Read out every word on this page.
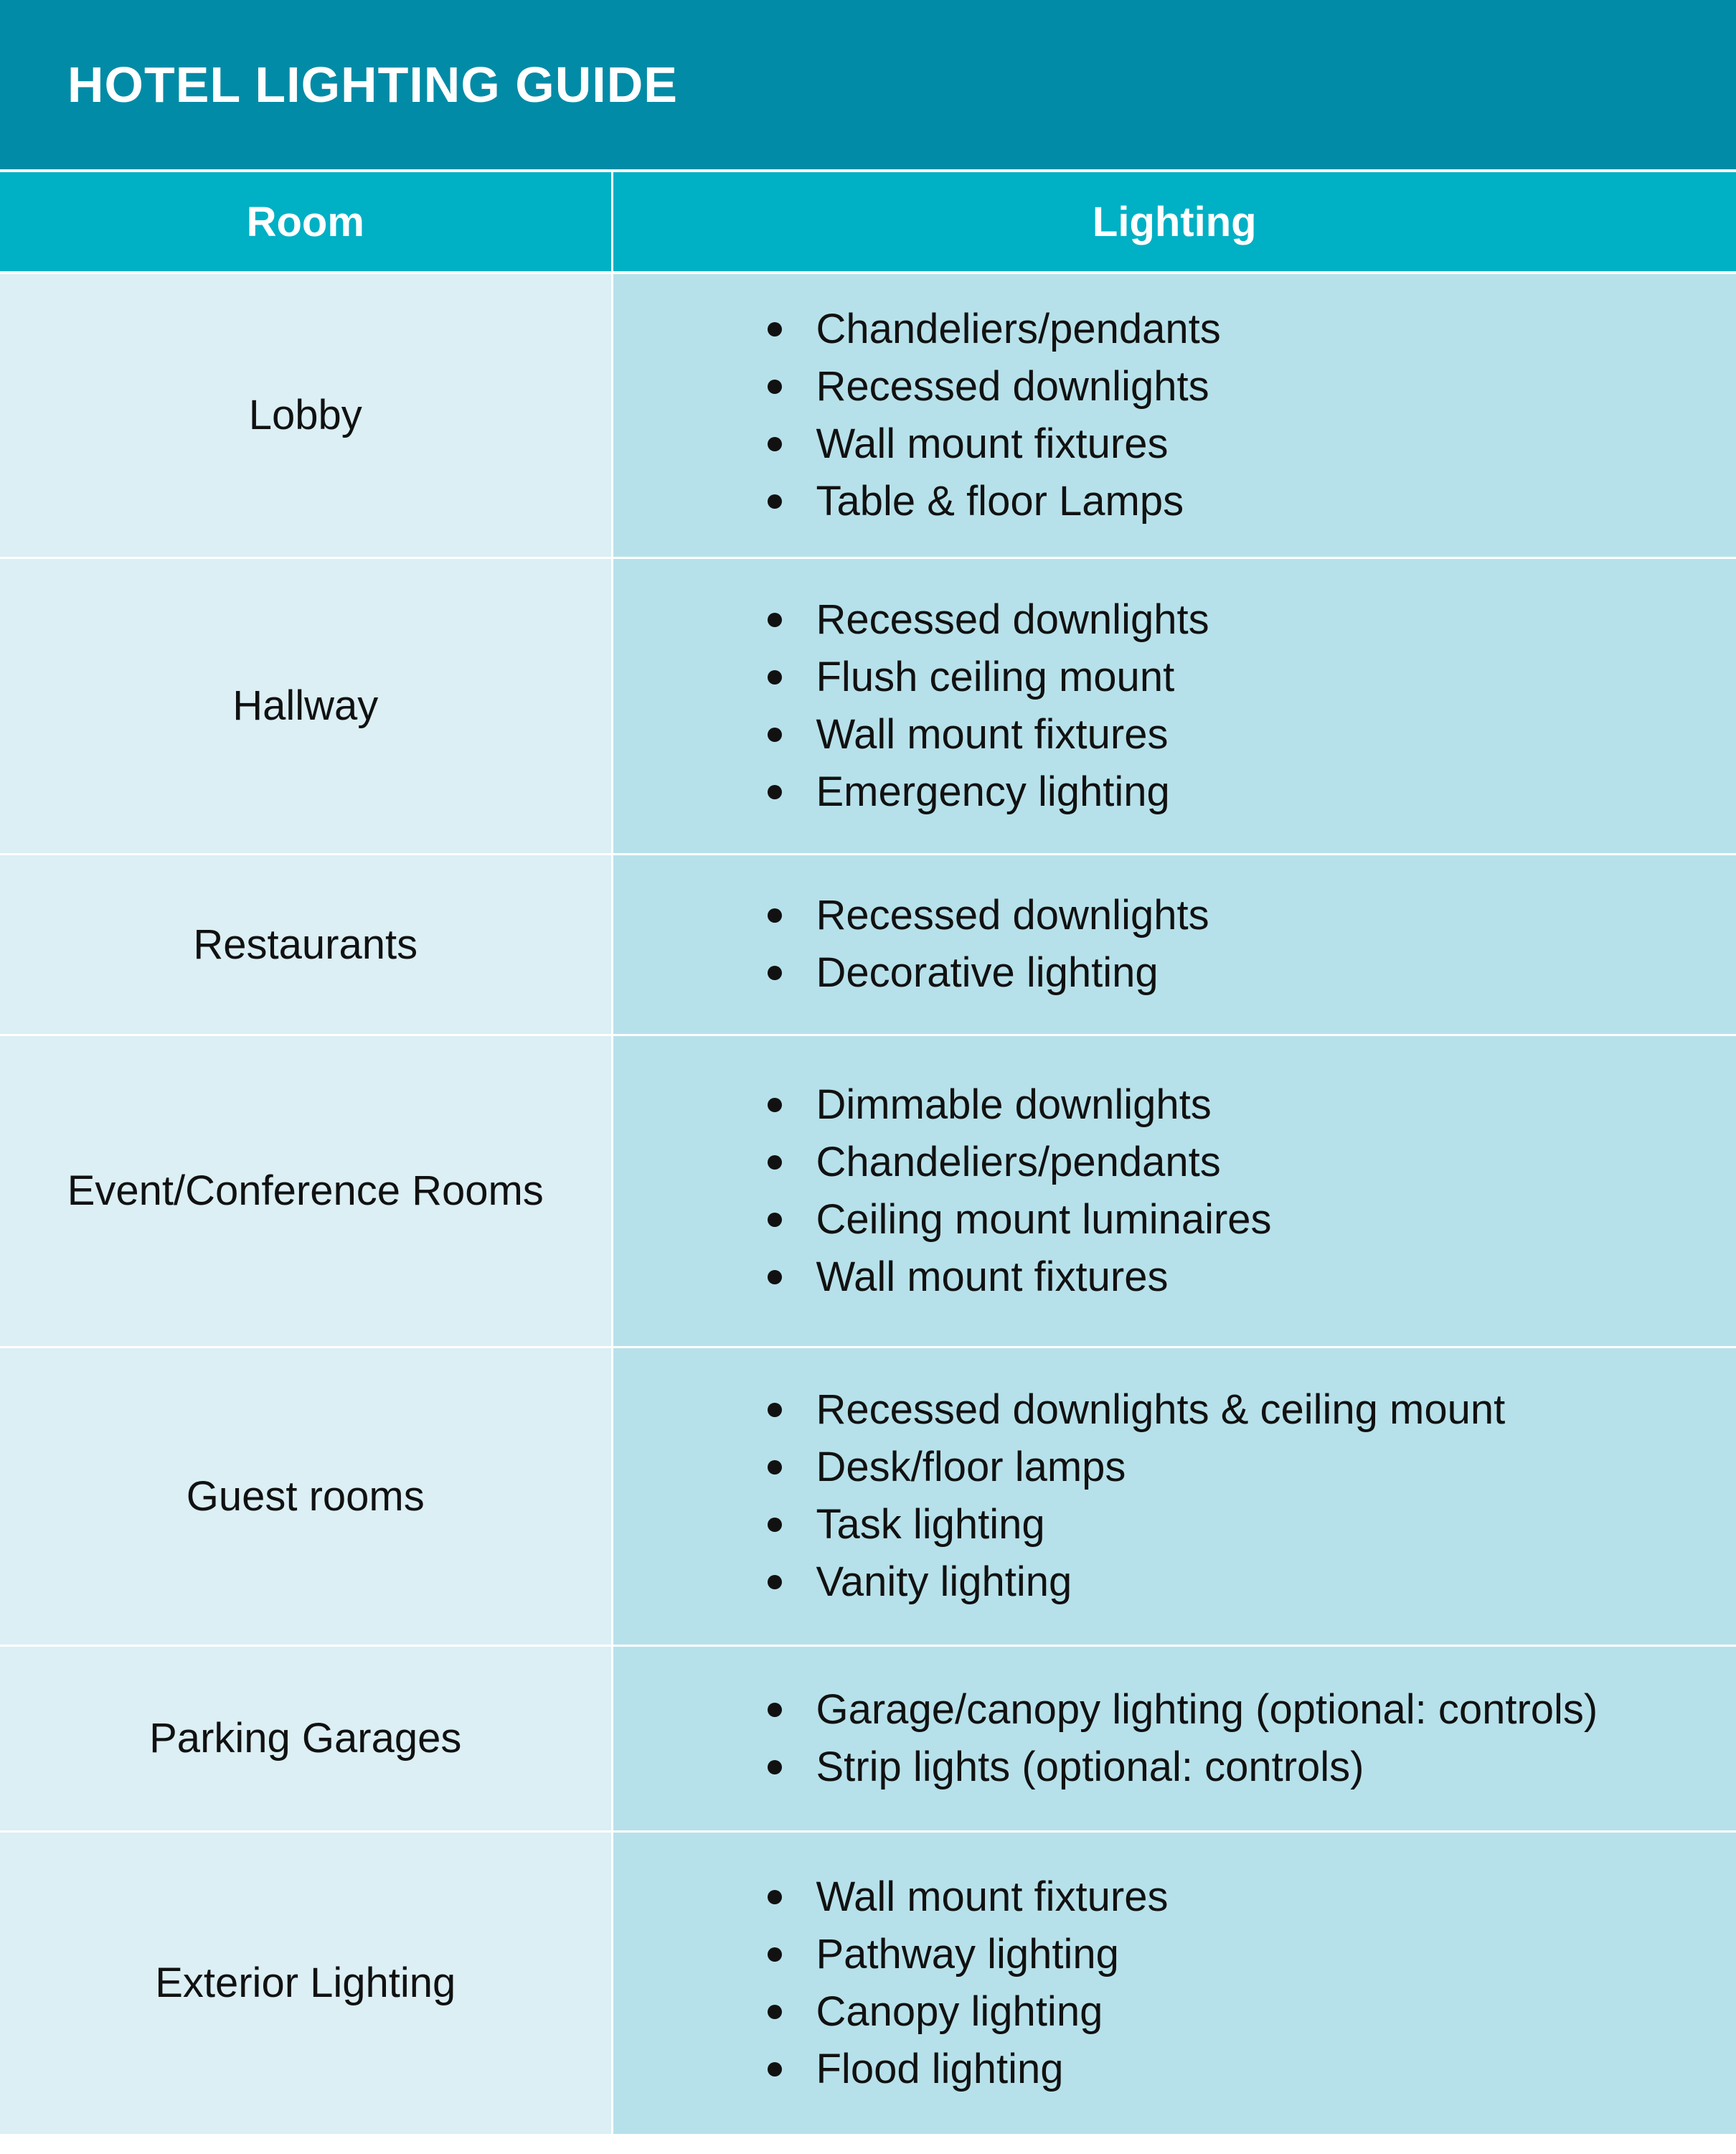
HOTEL LIGHTING GUIDE
Room	Lighting
Lobby	
Chandeliers/pendants
Recessed downlights
Wall mount fixtures
Table & floor Lamps

Hallway	
Recessed downlights
Flush ceiling mount
Wall mount fixtures
Emergency lighting

Restaurants	
Recessed downlights
Decorative lighting

Event/Conference Rooms	
Dimmable downlights
Chandeliers/pendants
Ceiling mount luminaires
Wall mount fixtures

Guest rooms	
Recessed downlights & ceiling mount
Desk/floor lamps
Task lighting
Vanity lighting

Parking Garages	
Garage/canopy lighting (optional: controls)
Strip lights (optional: controls)

Exterior Lighting	
Wall mount fixtures
Pathway lighting
Canopy lighting
Flood lighting
